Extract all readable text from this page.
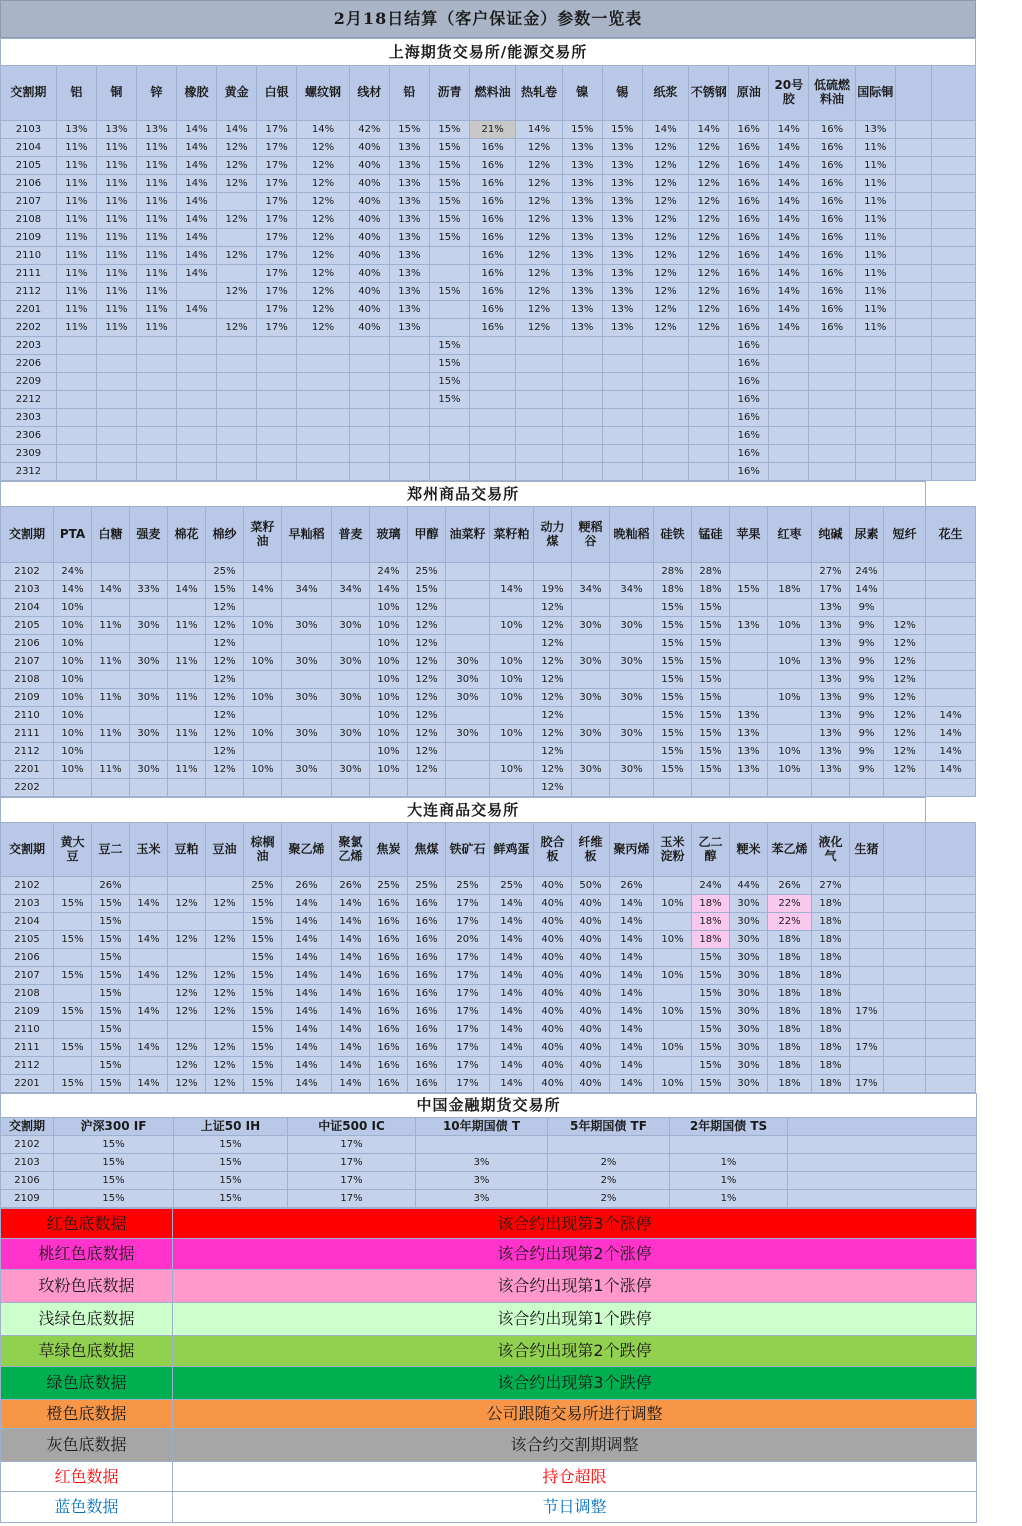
2月18日结算（客户保证金）参数一览表
上海期货交易所/能源交易所																						
交割期	铝	铜	锌	橡胶	黄金	白银	螺纹钢	线材	铅	沥青	燃料油	热轧卷	镍	锡	纸浆	不锈钢	原油	20号胶	低硫燃料油	国际铜		
2103	13%	13%	13%	14%	14%	17%	14%	42%	15%	15%	21%	14%	15%	15%	14%	14%	16%	14%	16%	13%		
2104	11%	11%	11%	14%	12%	17%	12%	40%	13%	15%	16%	12%	13%	13%	12%	12%	16%	14%	16%	11%		
2105	11%	11%	11%	14%	12%	17%	12%	40%	13%	15%	16%	12%	13%	13%	12%	12%	16%	14%	16%	11%		
2106	11%	11%	11%	14%	12%	17%	12%	40%	13%	15%	16%	12%	13%	13%	12%	12%	16%	14%	16%	11%		
2107	11%	11%	11%	14%		17%	12%	40%	13%	15%	16%	12%	13%	13%	12%	12%	16%	14%	16%	11%		
2108	11%	11%	11%	14%	12%	17%	12%	40%	13%	15%	16%	12%	13%	13%	12%	12%	16%	14%	16%	11%		
2109	11%	11%	11%	14%		17%	12%	40%	13%	15%	16%	12%	13%	13%	12%	12%	16%	14%	16%	11%		
2110	11%	11%	11%	14%	12%	17%	12%	40%	13%		16%	12%	13%	13%	12%	12%	16%	14%	16%	11%		
2111	11%	11%	11%	14%		17%	12%	40%	13%		16%	12%	13%	13%	12%	12%	16%	14%	16%	11%		
2112	11%	11%	11%		12%	17%	12%	40%	13%	15%	16%	12%	13%	13%	12%	12%	16%	14%	16%	11%		
2201	11%	11%	11%	14%		17%	12%	40%	13%		16%	12%	13%	13%	12%	12%	16%	14%	16%	11%		
2202	11%	11%	11%		12%	17%	12%	40%	13%		16%	12%	13%	13%	12%	12%	16%	14%	16%	11%		
2203										15%							16%					
2206										15%							16%					
2209										15%							16%					
2212										15%							16%					
2303																	16%					
2306																	16%					
2309																	16%					
2312																	16%					
郑州商品交易所																							
交割期	PTA	白糖	强麦	棉花	棉纱	菜籽油	早籼稻	普麦	玻璃	甲醇	油菜籽	菜籽粕	动力煤	粳稻谷	晚籼稻	硅铁	锰硅	苹果	红枣	纯碱	尿素	短纤	花生
2102	24%				25%				24%	25%						28%	28%			27%	24%		
2103	14%	14%	33%	14%	15%	14%	34%	34%	14%	15%		14%	19%	34%	34%	18%	18%	15%	18%	17%	14%		
2104	10%				12%				10%	12%			12%			15%	15%			13%	9%		
2105	10%	11%	30%	11%	12%	10%	30%	30%	10%	12%		10%	12%	30%	30%	15%	15%	13%	10%	13%	9%	12%	
2106	10%				12%				10%	12%			12%			15%	15%			13%	9%	12%	
2107	10%	11%	30%	11%	12%	10%	30%	30%	10%	12%	30%	10%	12%	30%	30%	15%	15%		10%	13%	9%	12%	
2108	10%				12%				10%	12%	30%	10%	12%			15%	15%			13%	9%	12%	
2109	10%	11%	30%	11%	12%	10%	30%	30%	10%	12%	30%	10%	12%	30%	30%	15%	15%		10%	13%	9%	12%	
2110	10%				12%				10%	12%			12%			15%	15%	13%		13%	9%	12%	14%
2111	10%	11%	30%	11%	12%	10%	30%	30%	10%	12%	30%	10%	12%	30%	30%	15%	15%	13%		13%	9%	12%	14%
2112	10%				12%				10%	12%			12%			15%	15%	13%	10%	13%	9%	12%	14%
2201	10%	11%	30%	11%	12%	10%	30%	30%	10%	12%		10%	12%	30%	30%	15%	15%	13%	10%	13%	9%	12%	14%
2202													12%										
大连商品交易所																							
交割期	黄大豆	豆二	玉米	豆粕	豆油	棕榈油	聚乙烯	聚氯乙烯	焦炭	焦煤	铁矿石	鲜鸡蛋	胶合板	纤维板	聚丙烯	玉米淀粉	乙二醇	粳米	苯乙烯	液化气	生猪		
2102		26%				25%	26%	26%	25%	25%	25%	25%	40%	50%	26%		24%	44%	26%	27%			
2103	15%	15%	14%	12%	12%	15%	14%	14%	16%	16%	17%	14%	40%	40%	14%	10%	18%	30%	22%	18%			
2104		15%				15%	14%	14%	16%	16%	17%	14%	40%	40%	14%		18%	30%	22%	18%			
2105	15%	15%	14%	12%	12%	15%	14%	14%	16%	16%	20%	14%	40%	40%	14%	10%	18%	30%	18%	18%			
2106		15%				15%	14%	14%	16%	16%	17%	14%	40%	40%	14%		15%	30%	18%	18%			
2107	15%	15%	14%	12%	12%	15%	14%	14%	16%	16%	17%	14%	40%	40%	14%	10%	15%	30%	18%	18%			
2108		15%		12%	12%	15%	14%	14%	16%	16%	17%	14%	40%	40%	14%		15%	30%	18%	18%			
2109	15%	15%	14%	12%	12%	15%	14%	14%	16%	16%	17%	14%	40%	40%	14%	10%	15%	30%	18%	18%	17%		
2110		15%				15%	14%	14%	16%	16%	17%	14%	40%	40%	14%		15%	30%	18%	18%			
2111	15%	15%	14%	12%	12%	15%	14%	14%	16%	16%	17%	14%	40%	40%	14%	10%	15%	30%	18%	18%	17%		
2112		15%		12%	12%	15%	14%	14%	16%	16%	17%	14%	40%	40%	14%		15%	30%	18%	18%			
2201	15%	15%	14%	12%	12%	15%	14%	14%	16%	16%	17%	14%	40%	40%	14%	10%	15%	30%	18%	18%	17%		
中国金融期货交易所							
交割期	沪深300 IF	上证50 IH	中证500 IC	10年期国债 T	5年期国债 TF	2年期国债 TS	
2102	15%	15%	17%				
2103	15%	15%	17%	3%	2%	1%	
2106	15%	15%	17%	3%	2%	1%	
2109	15%	15%	17%	3%	2%	1%	
红色底数据	该合约出现第3个涨停
桃红色底数据	该合约出现第2个涨停
玫粉色底数据	该合约出现第1个涨停
浅绿色底数据	该合约出现第1个跌停
草绿色底数据	该合约出现第2个跌停
绿色底数据	该合约出现第3个跌停
橙色底数据	公司跟随交易所进行调整
灰色底数据	该合约交割期调整
红色数据	持仓超限
蓝色数据	节日调整
